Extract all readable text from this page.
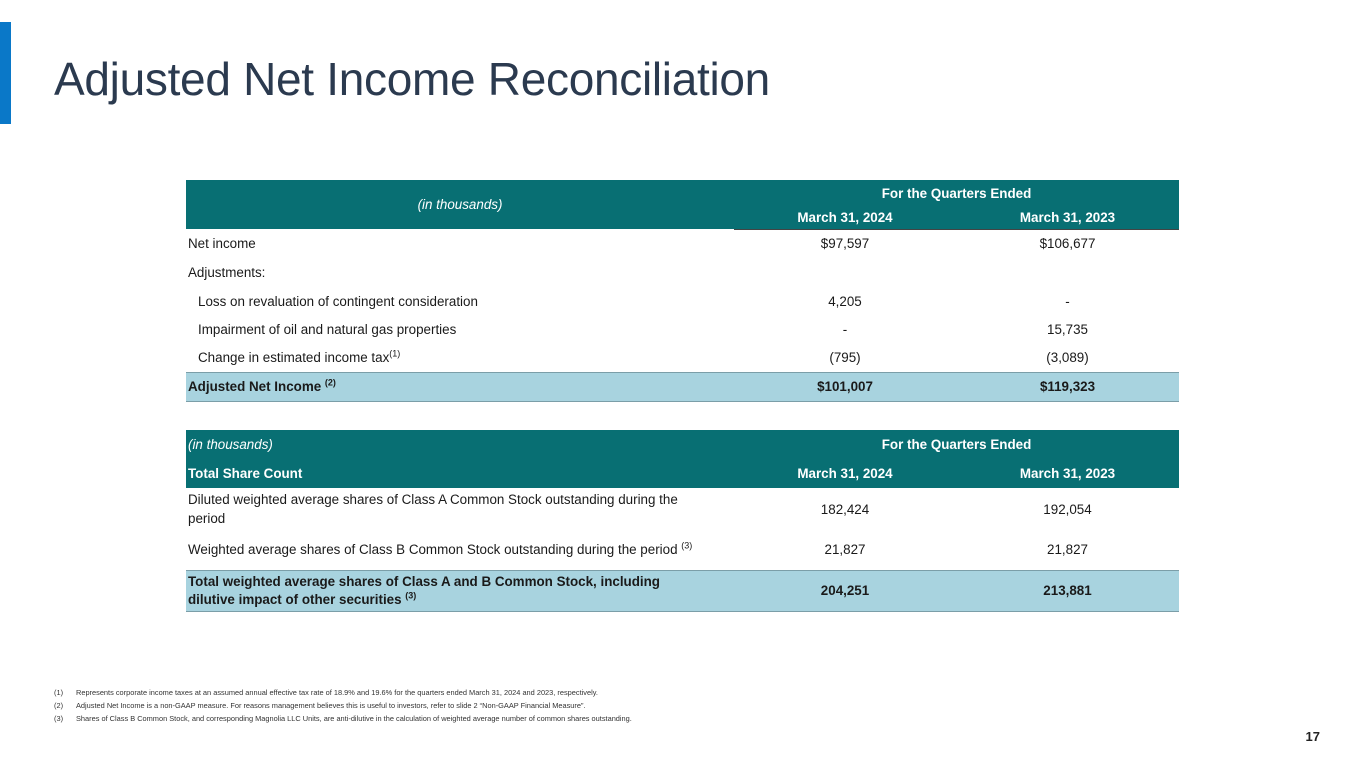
Adjusted Net Income Reconciliation
(in thousands)	For the Quarters Ended	
	March 31, 2024	March 31, 2023
Net income	$97,597	$106,677
Adjustments:		
Loss on revaluation of contingent consideration	4,205	-
Impairment of oil and natural gas properties	-	15,735
Change in estimated income tax$^{(1)}$	(795)	(3,089)
Adjusted Net Income $^{(2)}$	$101,007	$119,323
(in thousands)	For the Quarters Ended	
Total Share Count	March 31, 2024	March 31, 2023
Diluted weighted average shares of Class A Common Stock outstanding during the period	182,424	192,054
Weighted average shares of Class B Common Stock outstanding during the period $^{(3)}$	21,827	21,827
Total weighted average shares of Class A and B Common Stock, including dilutive impact of other securities $^{(3)}$	204,251	213,881
(1)	Represents corporate income taxes at an assumed annual effective tax rate of 18.9% and 19.6% for the quarters ended March 31, 2024 and 2023, respectively.
(2)	Adjusted Net Income is a non-GAAP measure. For reasons management believes this is useful to investors, refer to slide 2 “Non-GAAP Financial Measure”.
(3)	Shares of Class B Common Stock, and corresponding Magnolia LLC Units, are anti-dilutive in the calculation of weighted average number of common shares outstanding.
17
